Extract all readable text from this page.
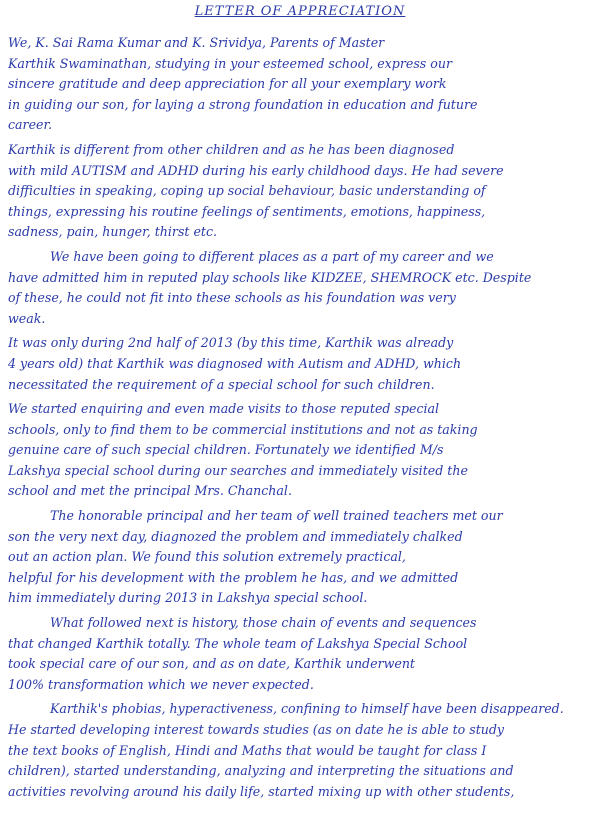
LETTER OF APPRECIATION
We, K. Sai Rama Kumar and K. Srividya, Parents of Master
Karthik Swaminathan, studying in your esteemed school, express our
sincere gratitude and deep appreciation for all your exemplary work
in guiding our son, for laying a strong foundation in education and future
career.
Karthik is different from other children and as he has been diagnosed
with mild AUTISM and ADHD during his early childhood days. He had severe
difficulties in speaking, coping up social behaviour, basic understanding of
things, expressing his routine feelings of sentiments, emotions, happiness,
sadness, pain, hunger, thirst etc.
We have been going to different places as a part of my career and we
have admitted him in reputed play schools like KIDZEE, SHEMROCK etc. Despite
of these, he could not fit into these schools as his foundation was very
weak.
It was only during 2nd half of 2013 (by this time, Karthik was already
4 years old) that Karthik was diagnosed with Autism and ADHD, which
necessitated the requirement of a special school for such children.
We started enquiring and even made visits to those reputed special
schools, only to find them to be commercial institutions and not as taking
genuine care of such special children. Fortunately we identified M/s
Lakshya special school during our searches and immediately visited the
school and met the principal Mrs. Chanchal.
The honorable principal and her team of well trained teachers met our
son the very next day, diagnozed the problem and immediately chalked
out an action plan. We found this solution extremely practical,
helpful for his development with the problem he has, and we admitted
him immediately during 2013 in Lakshya special school.
What followed next is history, those chain of events and sequences
that changed Karthik totally. The whole team of Lakshya Special School
took special care of our son, and as on date, Karthik underwent
100% transformation which we never expected.
Karthik's phobias, hyperactiveness, confining to himself have been disappeared.
He started developing interest towards studies (as on date he is able to study
the text books of English, Hindi and Maths that would be taught for class I
children), started understanding, analyzing and interpreting the situations and
activities revolving around his daily life, started mixing up with other students,
